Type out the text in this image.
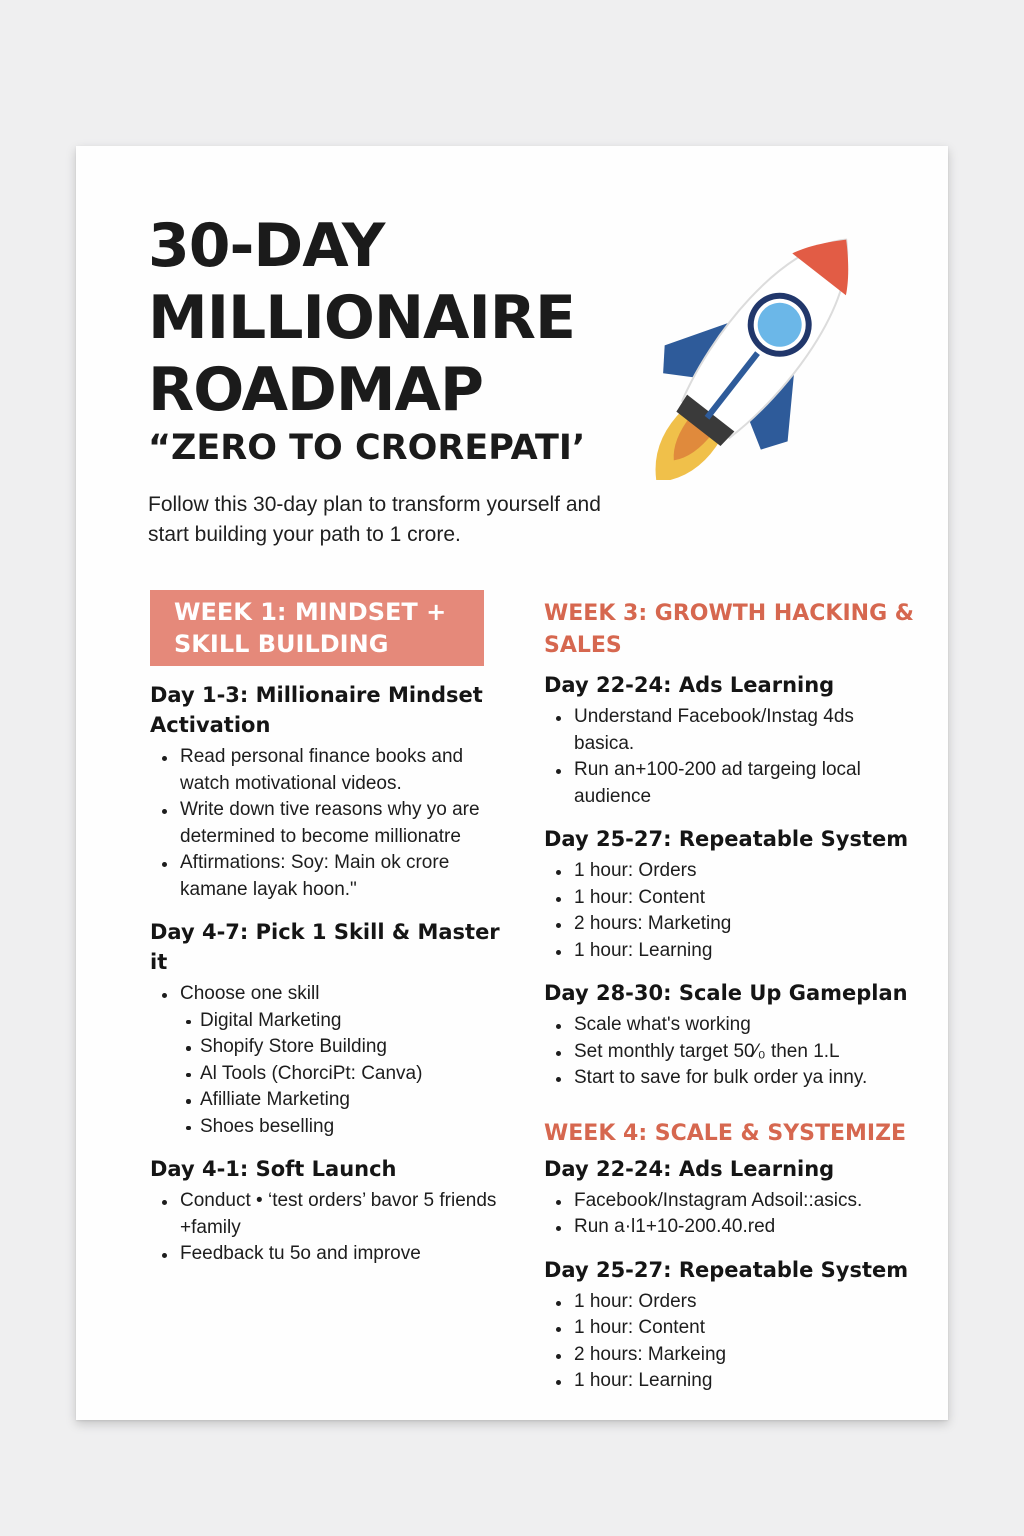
30-DAY
MILLIONAIRE
ROADMAP
“ZERO TO CROREPATI’
Follow this 30-day plan to transform yourself and start building your path to 1 crore.
WEEK 1: MINDSET + SKILL BUILDING
Day 1-3: Millionaire Mindset Activation
Read personal finance books and watch motivational videos.
Write down tive reasons why yo are determined to become millionatre
Aftirmations: Soy: Main ok crore kamane layak hoon."
Day 4-7: Pick 1 Skill & Master it
Choose one skill
Digital Marketing
Shopify Store Building
Al Tools (ChorciPt: Canva)
Afilliate Marketing
Shoes beselling
Day 4-1: Soft Launch
Conduct • ‘test orders’ bavor 5 friends +family
Feedback tu 5o and improve
WEEK 3: GROWTH HACKING & SALES
Day 22-24: Ads Learning
Understand Facebook/Instag 4ds basica.
Run an+100-200 ad targeing local audience
Day 25-27: Repeatable System
1 hour: Orders
1 hour: Content
2 hours: Marketing
1 hour: Learning
Day 28-30: Scale Up Gameplan
Scale what's working
Set monthly target 50⁄₀ then 1.L
Start to save for bulk order ya inny.
WEEK 4: SCALE & SYSTEMIZE
Day 22-24: Ads Learning
Facebook/Instagram Adsoil::asics.
Run a·l1+10-200.40.red
Day 25-27: Repeatable System
1 hour: Orders
1 hour: Content
2 hours: Markeing
1 hour: Learning
